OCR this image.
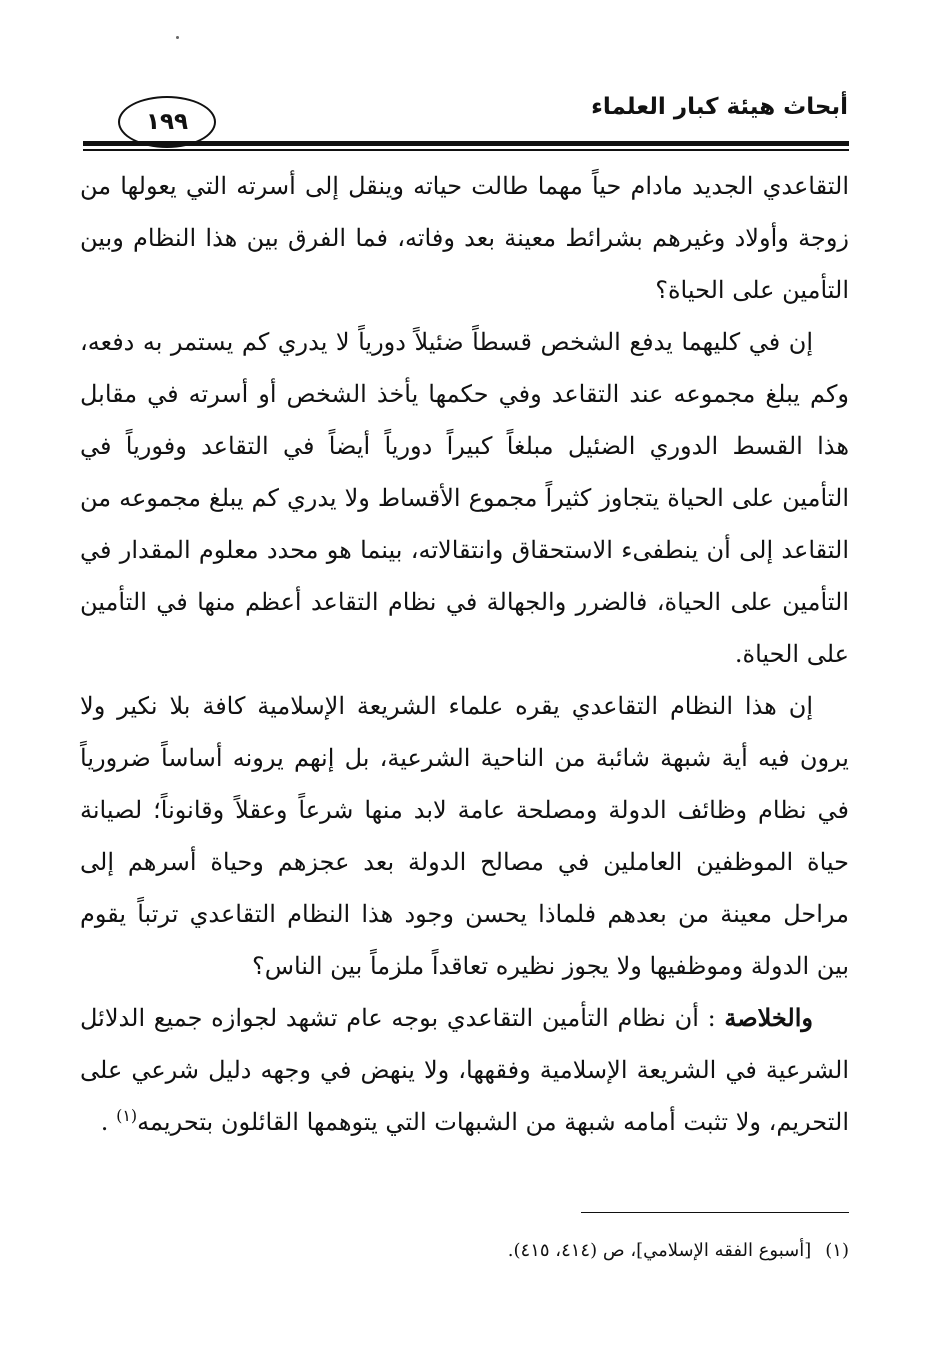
أبحاث هيئة كبار العلماء
١٩٩

التقاعدي الجديد مادام حياً مهما طالت حياته وينقل إلى أسرته التي يعولها من زوجة وأولاد وغيرهم بشرائط معينة بعد وفاته، فما الفرق بين هذا النظام وبين التأمين على الحياة؟

إن في كليهما يدفع الشخص قسطاً ضئيلاً دورياً لا يدري كم يستمر به دفعه، وكم يبلغ مجموعه عند التقاعد وفي حكمها يأخذ الشخص أو أسرته في مقابل هذا القسط الدوري الضئيل مبلغاً كبيراً دورياً أيضاً في التقاعد وفورياً في التأمين على الحياة يتجاوز كثيراً مجموع الأقساط ولا يدري كم يبلغ مجموعه من التقاعد إلى أن ينطفىء الاستحقاق وانتقالاته، بينما هو محدد معلوم المقدار في التأمين على الحياة، فالضرر والجهالة في نظام التقاعد أعظم منها في التأمين على الحياة.

إن هذا النظام التقاعدي يقره علماء الشريعة الإسلامية كافة بلا نكير ولا يرون فيه أية شبهة شائبة من الناحية الشرعية، بل إنهم يرونه أساساً ضرورياً في نظام وظائف الدولة ومصلحة عامة لابد منها شرعاً وعقلاً وقانوناً؛ لصيانة حياة الموظفين العاملين في مصالح الدولة بعد عجزهم وحياة أسرهم إلى مراحل معينة من بعدهم فلماذا يحسن وجود هذا النظام التقاعدي ترتباً يقوم بين الدولة وموظفيها ولا يجوز نظيره تعاقداً ملزماً بين الناس؟

والخلاصة : أن نظام التأمين التقاعدي بوجه عام تشهد لجوازه جميع الدلائل الشرعية في الشريعة الإسلامية وفقهها، ولا ينهض في وجهه دليل شرعي على التحريم، ولا تثبت أمامه شبهة من الشبهات التي يتوهمها القائلون بتحريمه$^{(١)}$ .

(١)[أسبوع الفقه الإسلامي]، ص (٤١٤، ٤١٥).
